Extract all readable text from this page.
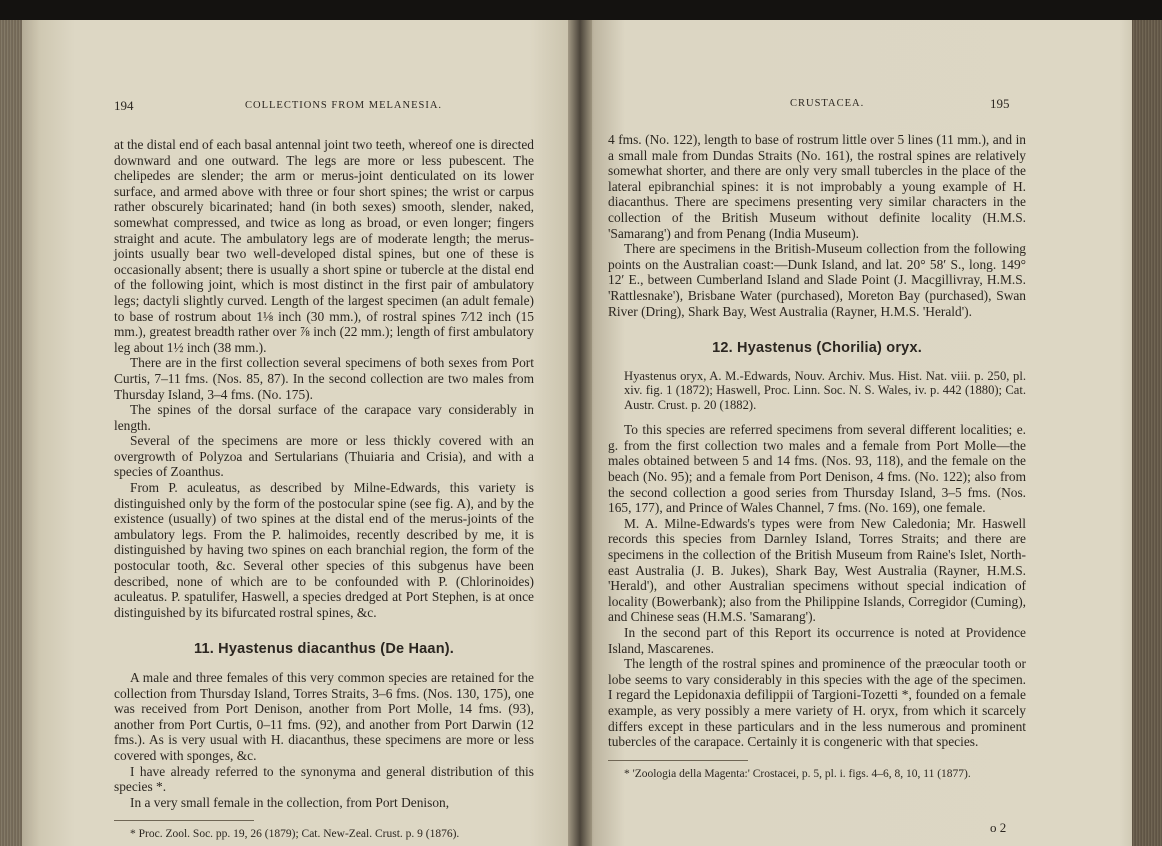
194	COLLECTIONS FROM MELANESIA.

at the distal end of each basal antennal joint two teeth, whereof one is directed downward and one outward. The legs are more or less pubescent. The chelipedes are slender; the arm or merus-joint denticulated on its lower surface, and armed above with three or four short spines; the wrist or carpus rather obscurely bicarinated; hand (in both sexes) smooth, slender, naked, somewhat compressed, and twice as long as broad, or even longer; fingers straight and acute. The ambulatory legs are of moderate length; the merus-joints usually bear two well-developed distal spines, but one of these is occasionally absent; there is usually a short spine or tubercle at the distal end of the following joint, which is most distinct in the first pair of ambulatory legs; dactyli slightly curved. Length of the largest specimen (an adult female) to base of rostrum about 1⅛ inch (30 mm.), of rostral spines 7⁄12 inch (15 mm.), greatest breadth rather over ⅞ inch (22 mm.); length of first ambulatory leg about 1½ inch (38 mm.).

There are in the first collection several specimens of both sexes from Port Curtis, 7–11 fms. (Nos. 85, 87). In the second collection are two males from Thursday Island, 3–4 fms. (No. 175).

The spines of the dorsal surface of the carapace vary considerably in length.

Several of the specimens are more or less thickly covered with an overgrowth of Polyzoa and Sertularians (Thuiaria and Crisia), and with a species of Zoanthus.

From P. aculeatus, as described by Milne-Edwards, this variety is distinguished only by the form of the postocular spine (see fig. A), and by the existence (usually) of two spines at the distal end of the merus-joints of the ambulatory legs. From the P. halimoides, recently described by me, it is distinguished by having two spines on each branchial region, the form of the postocular tooth, &c. Several other species of this subgenus have been described, none of which are to be confounded with P. (Chlorinoides) aculeatus. P. spatulifer, Haswell, a species dredged at Port Stephen, is at once distinguished by its bifurcated rostral spines, &c.

11. Hyastenus diacanthus (De Haan).

A male and three females of this very common species are retained for the collection from Thursday Island, Torres Straits, 3–6 fms. (Nos. 130, 175), one was received from Port Denison, another from Port Molle, 14 fms. (93), another from Port Curtis, 0–11 fms. (92), and another from Port Darwin (12 fms.). As is very usual with H. diacanthus, these specimens are more or less covered with sponges, &c.

I have already referred to the synonyma and general distribution of this species *.

In a very small female in the collection, from Port Denison,

* Proc. Zool. Soc. pp. 19, 26 (1879); Cat. New-Zeal. Crust. p. 9 (1876).

CRUSTACEA.	195

4 fms. (No. 122), length to base of rostrum little over 5 lines (11 mm.), and in a small male from Dundas Straits (No. 161), the rostral spines are relatively somewhat shorter, and there are only very small tubercles in the place of the lateral epibranchial spines: it is not improbably a young example of H. diacanthus. There are specimens presenting very similar characters in the collection of the British Museum without definite locality (H.M.S. 'Samarang') and from Penang (India Museum).

There are specimens in the British-Museum collection from the following points on the Australian coast:—Dunk Island, and lat. 20° 58′ S., long. 149° 12′ E., between Cumberland Island and Slade Point (J. Macgillivray, H.M.S. 'Rattlesnake'), Brisbane Water (purchased), Moreton Bay (purchased), Swan River (Dring), Shark Bay, West Australia (Rayner, H.M.S. 'Herald').

12. Hyastenus (Chorilia) oryx.

Hyastenus oryx, A. M.-Edwards, Nouv. Archiv. Mus. Hist. Nat. viii. p. 250, pl. xiv. fig. 1 (1872); Haswell, Proc. Linn. Soc. N. S. Wales, iv. p. 442 (1880); Cat. Austr. Crust. p. 20 (1882).

To this species are referred specimens from several different localities; e. g. from the first collection two males and a female from Port Molle—the males obtained between 5 and 14 fms. (Nos. 93, 118), and the female on the beach (No. 95); and a female from Port Denison, 4 fms. (No. 122); also from the second collection a good series from Thursday Island, 3–5 fms. (Nos. 165, 177), and Prince of Wales Channel, 7 fms. (No. 169), one female.

M. A. Milne-Edwards's types were from New Caledonia; Mr. Haswell records this species from Darnley Island, Torres Straits; and there are specimens in the collection of the British Museum from Raine's Islet, North-east Australia (J. B. Jukes), Shark Bay, West Australia (Rayner, H.M.S. 'Herald'), and other Australian specimens without special indication of locality (Bowerbank); also from the Philippine Islands, Corregidor (Cuming), and Chinese seas (H.M.S. 'Samarang').

In the second part of this Report its occurrence is noted at Providence Island, Mascarenes.

The length of the rostral spines and prominence of the præocular tooth or lobe seems to vary considerably in this species with the age of the specimen. I regard the Lepidonaxia defilippii of Targioni-Tozetti *, founded on a female example, as very possibly a mere variety of H. oryx, from which it scarcely differs except in these particulars and in the less numerous and prominent tubercles of the carapace. Certainly it is congeneric with that species.

* 'Zoologia della Magenta:' Crostacei, p. 5, pl. i. figs. 4–6, 8, 10, 11 (1877).

o 2
